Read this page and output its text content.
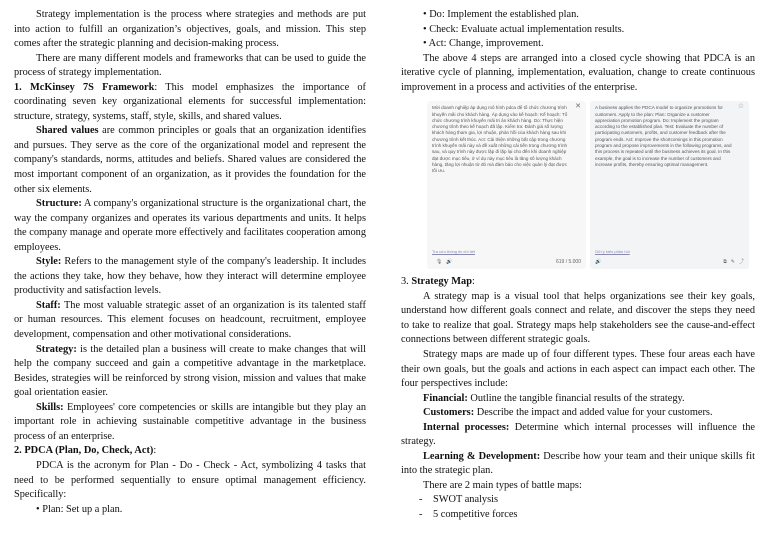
Strategy implementation is the process where strategies and methods are put into action to fulfill an organization’s objectives, goals, and mission. This step comes after the strategic planning and decision-making process.

There are many different models and frameworks that can be used to guide the process of strategy implementation.

1. McKinsey 7S Framework: This model emphasizes the importance of coordinating seven key organizational elements for successful implementation: structure, strategy, systems, staff, style, skills, and shared values.

Shared values are common principles or goals that an organization identifies and pursues. They serve as the core of the organizational model and represent the company's standards, norms, attitudes and beliefs. Shared values are considered the most important component of an organization, as it provides the foundation for the other six elements.

Structure: A company's organizational structure is the organizational chart, the way the company organizes and operates its various departments and units. It helps the company manage and operate more effectively and facilitates cooperation among employees.

Style: Refers to the management style of the company's leadership. It includes the actions they take, how they behave, how they interact will determine employee productivity and satisfaction levels.

Staff: The most valuable strategic asset of an organization is its talented staff or human resources. This element focuses on headcount, recruitment, employee development, compensation and other motivational considerations.

Strategy: is the detailed plan a business will create to make changes that will help the company succeed and gain a competitive advantage in the marketplace. Besides, strategies will be reinforced by strong vision, mission and values that make goal orientation easier.

Skills: Employees' core competencies or skills are intangible but they play an important role in achieving sustainable competitive advantage in the business process of an enterprise.

2. PDCA (Plan, Do, Check, Act):

PDCA is the acronym for Plan - Do - Check - Act, symbolizing 4 tasks that need to be performed sequentially to ensure optimal management efficiency. Specifically:

• Plan: Set up a plan.

• Do: Implement the established plan.

• Check: Evaluate actual implementation results.

• Act: Change, improvement.

The above 4 steps are arranged into a closed cycle showing that PDCA is an iterative cycle of planning, implementation, evaluation, change to create continuous improvement in a process and activities of the enterprise.

✕
Mời doanh nghiệp áp dụng mô hình pdca để tổ chức chương trình khuyến mãi cho khách hàng. Áp dụng vào kế hoạch: Kế hoạch: Tổ chức chương trình khuyến mãi tri ân khách hàng. Do: Thực hiện chương trình theo kế hoạch đã lập. Kiểm tra: Đánh giá số lượng khách hàng tham gia, lợi nhuận, phản hồi của khách hàng sau khi chương trình kết thúc. Act: Cải thiện những bất cập trong chương trình khuyến mãi này và đề xuất những cải tiến trong chương trình sau, và quy trình này được lặp đi lặp lại cho đến khi doanh nghiệp đạt được mục tiêu, ở ví dụ này mục tiêu là tăng số lượng khách hàng, tăng lợi nhuận từ đó mà đảm bảo cho việc quản lý đạt được tối ưu.
Tra cứu thông tin chi tiết
🎙 🔊	619 / 5.000
☆
A business applies the PDCA model to organize promotions for customers. Apply to the plan: Plan: Organize a customer appreciation promotion program. Do: Implement the program according to the established plan. Test: Evaluate the number of participating customers, profits, and customer feedback after the program ends. Act: Improve the shortcomings in this promotion program and propose improvements in the following programs, and this process is repeated until the business achieves its goal. In this example, the goal is to increase the number of customers and increase profits, thereby ensuring optimal management.
Gửi ý kiến phản hồi
🔊	⧉ ✎ ⤴

3. Strategy Map:

A strategy map is a visual tool that helps organizations see their key goals, understand how different goals connect and relate, and discover the steps they need to take to realize that goal. Strategy maps help stakeholders see the cause-and-effect connections between different strategic goals.

Strategy maps are made up of four different types. These four areas each have their own goals, but the goals and actions in each aspect can impact each other. The four perspectives include:

Financial: Outline the tangible financial results of the strategy.

Customers: Describe the impact and added value for your customers.

Internal processes: Determine which internal processes will influence the strategy.

Learning & Development: Describe how your team and their unique skills fit into the strategic plan.

There are 2 main types of battle maps:

- SWOT analysis

- 5 competitive forces
